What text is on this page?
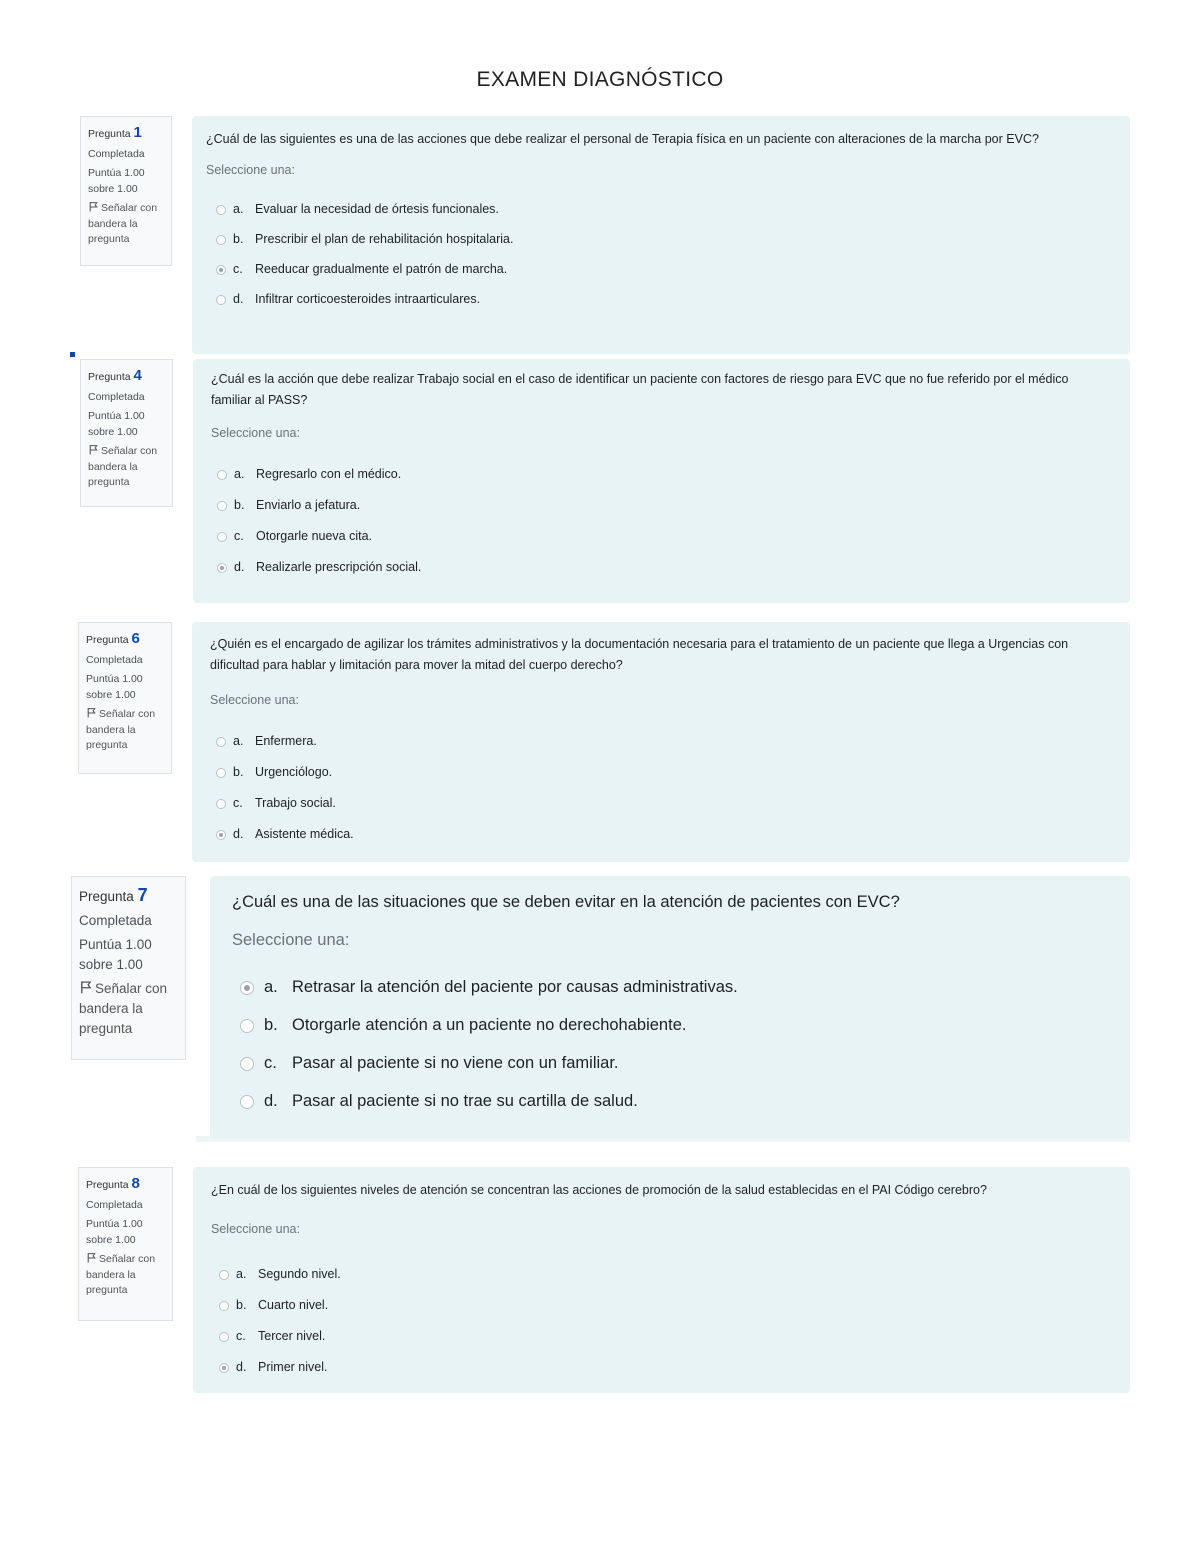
EXAMEN DIAGNÓSTICO
Pregunta 1
Completada
Puntúa 1.00
sobre 1.00
Señalar con
bandera la
pregunta

¿Cuál de las siguientes es una de las acciones que debe realizar el personal de Terapia física en un paciente con alteraciones de la marcha por EVC?

Seleccione una:
a. Evaluar la necesidad de órtesis funcionales.
b. Prescribir el plan de rehabilitación hospitalaria.
c. Reeducar gradualmente el patrón de marcha.
d. Infiltrar corticoesteroides intraarticulares.
Pregunta 4
Completada
Puntúa 1.00
sobre 1.00
Señalar con
bandera la
pregunta

¿Cuál es la acción que debe realizar Trabajo social en el caso de identificar un paciente con factores de riesgo para EVC que no fue referido por el médico familiar al PASS?

Seleccione una:
a. Regresarlo con el médico.
b. Enviarlo a jefatura.
c. Otorgarle nueva cita.
d. Realizarle prescripción social.
Pregunta 6
Completada
Puntúa 1.00
sobre 1.00
Señalar con
bandera la
pregunta

¿Quién es el encargado de agilizar los trámites administrativos y la documentación necesaria para el tratamiento de un paciente que llega a Urgencias con dificultad para hablar y limitación para mover la mitad del cuerpo derecho?

Seleccione una:
a. Enfermera.
b. Urgenciólogo.
c. Trabajo social.
d. Asistente médica.
Pregunta 7
Completada
Puntúa 1.00
sobre 1.00
Señalar con
bandera la
pregunta

¿Cuál es una de las situaciones que se deben evitar en la atención de pacientes con EVC?

Seleccione una:
a. Retrasar la atención del paciente por causas administrativas.
b. Otorgarle atención a un paciente no derechohabiente.
c. Pasar al paciente si no viene con un familiar.
d. Pasar al paciente si no trae su cartilla de salud.
Pregunta 8
Completada
Puntúa 1.00
sobre 1.00
Señalar con
bandera la
pregunta

¿En cuál de los siguientes niveles de atención se concentran las acciones de promoción de la salud establecidas en el PAI Código cerebro?

Seleccione una:
a. Segundo nivel.
b. Cuarto nivel.
c. Tercer nivel.
d. Primer nivel.
